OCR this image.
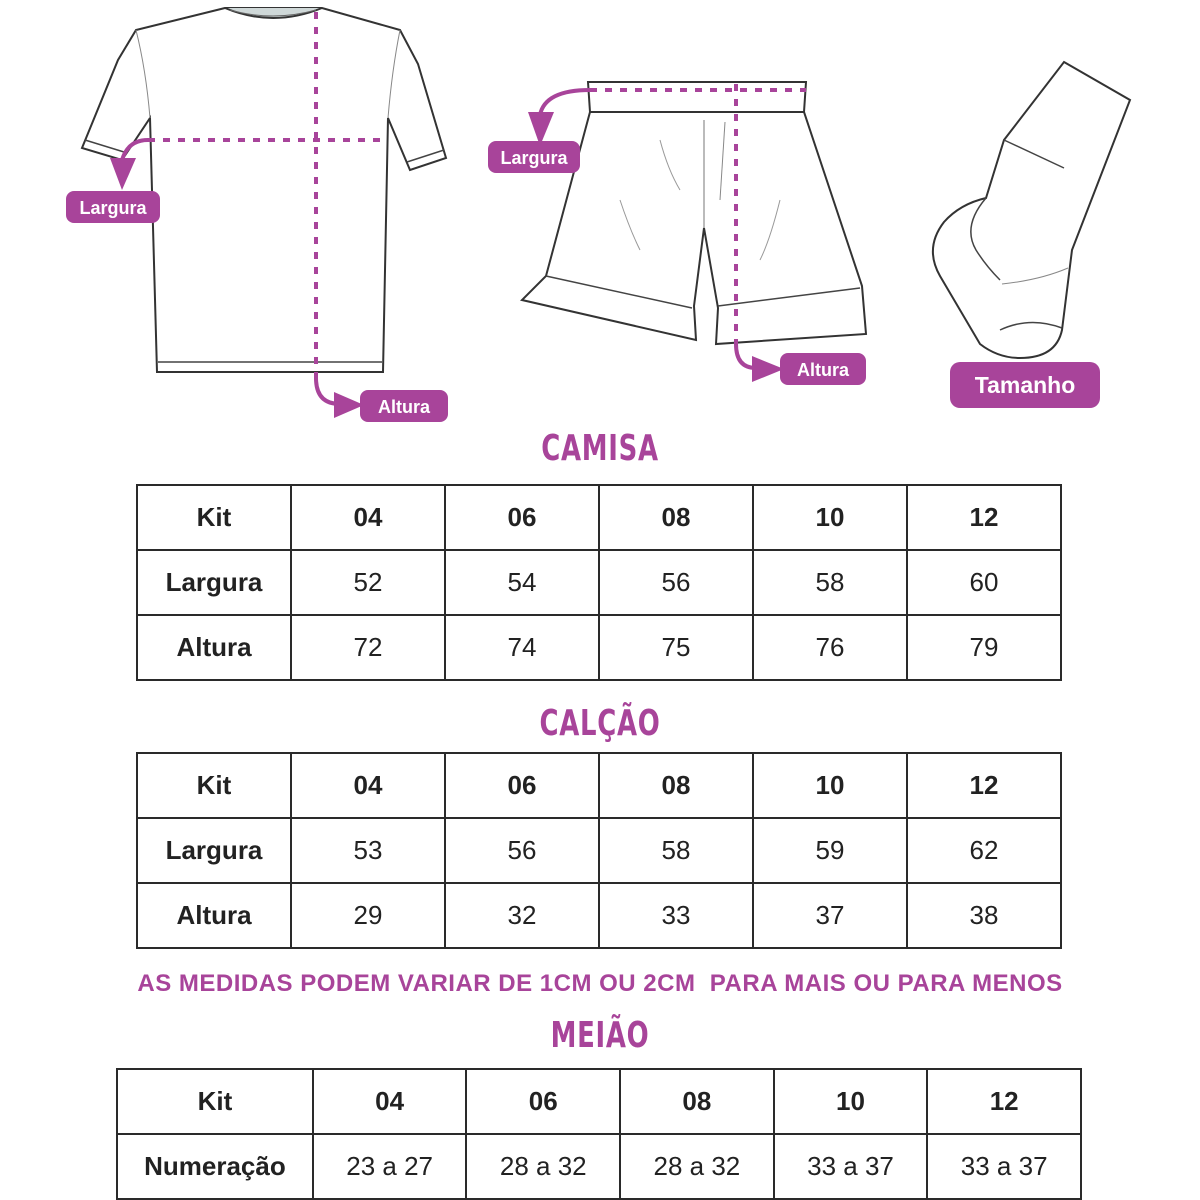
Largura
Altura
Largura
Altura
Tamanho
CAMISA
Kit	04	06	08	10	12
Largura	52	54	56	58	60
Altura	72	74	75	76	79
CALÇÃO
Kit	04	06	08	10	12
Largura	53	56	58	59	62
Altura	29	32	33	37	38
AS MEDIDAS PODEM VARIAR DE 1CM OU 2CM  PARA MAIS OU PARA MENOS
MEIÃO
Kit	04	06	08	10	12
Numeração	23 a 27	28 a 32	28 a 32	33 a 37	33 a 37
